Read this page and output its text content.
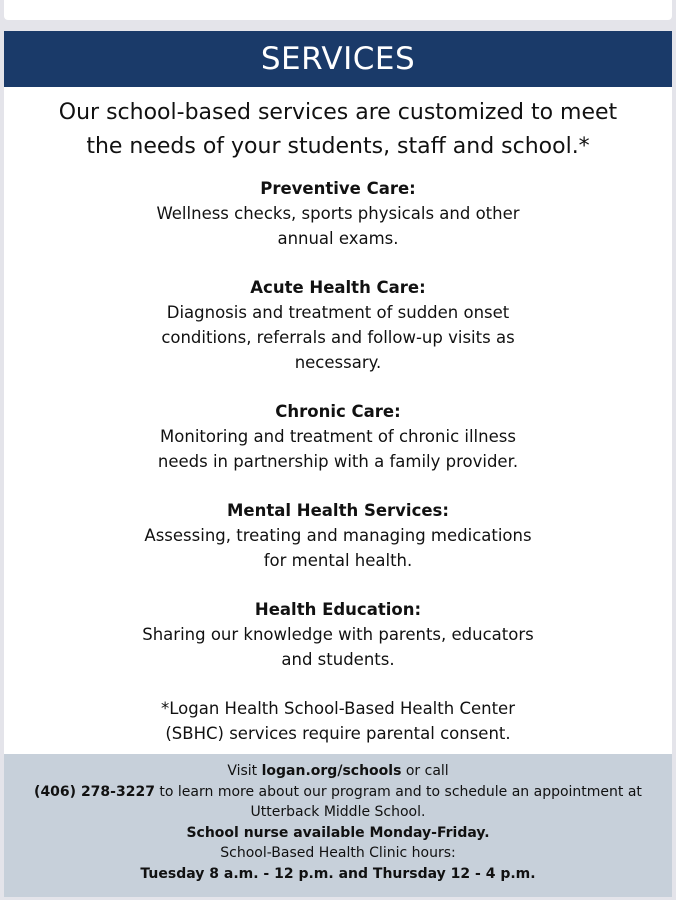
SERVICES
Our school-based services are customized to meet
the needs of your students, staff and school.*

Preventive Care:

Wellness checks, sports physicals and other

annual exams.

Acute Health Care:

Diagnosis and treatment of sudden onset

conditions, referrals and follow-up visits as

necessary.

Chronic Care:

Monitoring and treatment of chronic illness

needs in partnership with a family provider.

Mental Health Services:

Assessing, treating and managing medications

for mental health.

Health Education:

Sharing our knowledge with parents, educators

and students.

*Logan Health School-Based Health Center
(SBHC) services require parental consent.

Visit logan.org/schools or call

(406) 278-3227 to learn more about our program and to schedule an appointment at

Utterback Middle School.

School nurse available Monday-Friday.

School-Based Health Clinic hours:

Tuesday 8 a.m. - 12 p.m. and Thursday 12 - 4 p.m.
